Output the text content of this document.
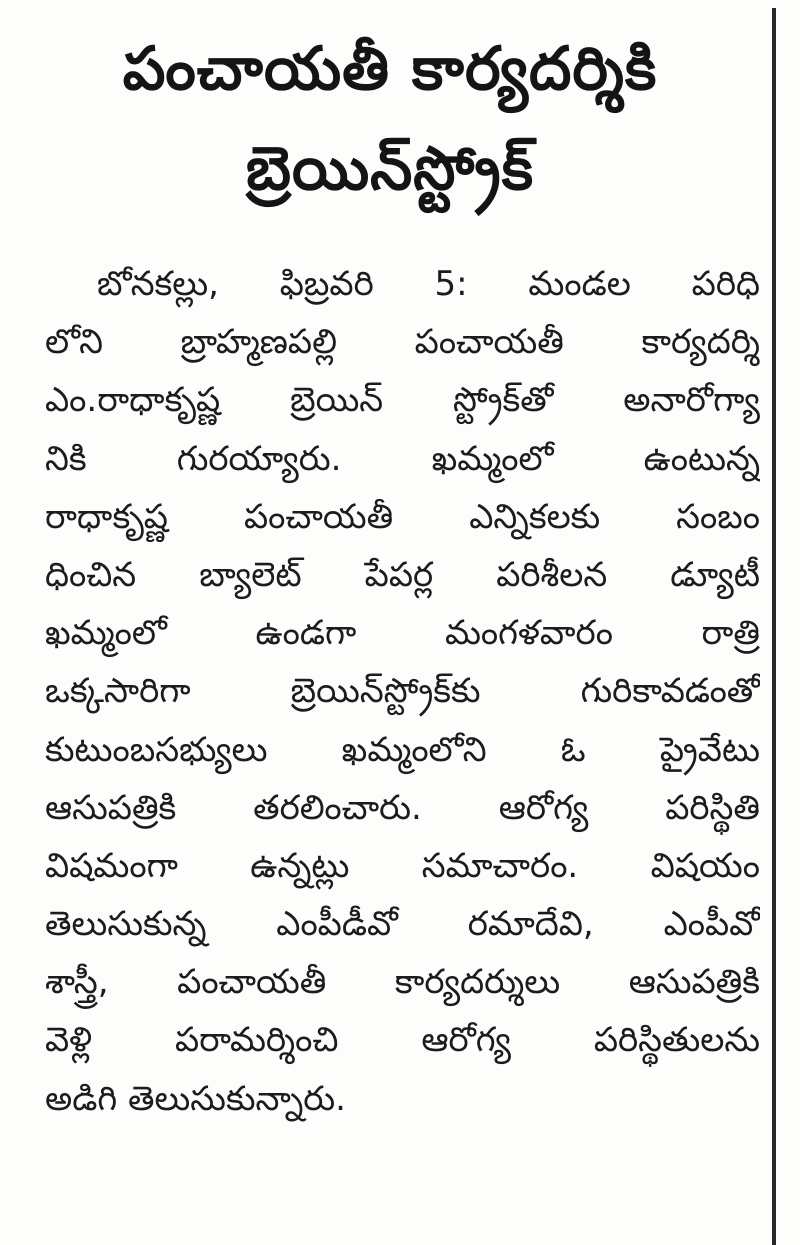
పంచాయతీ కార్యదర్శికి
బ్రెయిన్‌స్ట్రోక్
బోనకల్లు, ఫిబ్రవరి 5: మండల పరిధి
లోని బ్రాహ్మణపల్లి పంచాయతీ కార్యదర్శి
ఎం.రాధాకృష్ణ బ్రెయిన్ స్ట్రోక్‌తో అనారోగ్యా
నికి గురయ్యారు. ఖమ్మంలో ఉంటున్న
రాధాకృష్ణ పంచాయతీ ఎన్నికలకు సంబం
ధించిన బ్యాలెట్ పేపర్ల పరిశీలన డ్యూటీ
ఖమ్మంలో ఉండగా మంగళవారం రాత్రి
ఒక్కసారిగా బ్రెయిన్‌స్ట్రోక్‌కు గురికావడంతో
కుటుంబసభ్యులు ఖమ్మంలోని ఓ ప్రైవేటు
ఆసుపత్రికి తరలించారు. ఆరోగ్య పరిస్థితి
విషమంగా ఉన్నట్లు సమాచారం. విషయం
తెలుసుకున్న ఎంపీడీవో రమాదేవి, ఎంపీవో
శాస్త్రీ, పంచాయతీ కార్యదర్శులు ఆసుపత్రికి
వెళ్లి పరామర్శించి ఆరోగ్య పరిస్థితులను
అడిగి తెలుసుకున్నారు.
